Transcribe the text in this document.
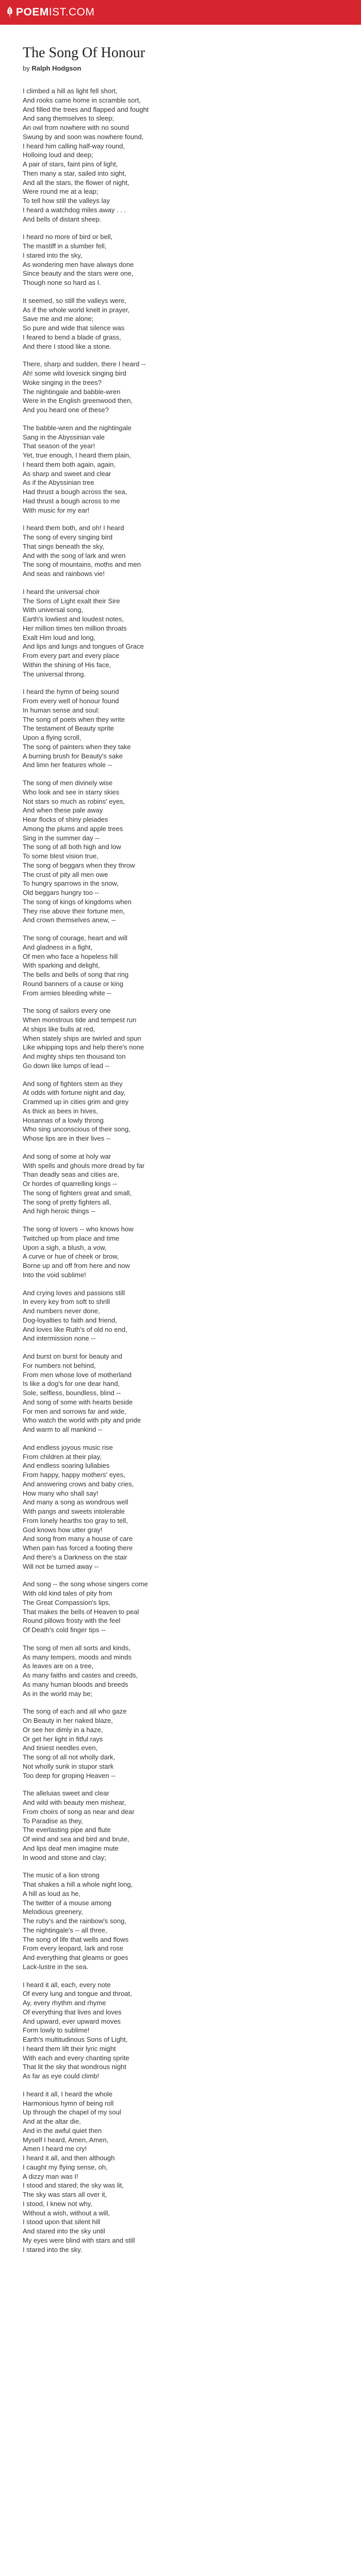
POEM IST.COM
The Song Of Honour
by Ralph Hodgson
I climbed a hill as light fell short,
And rooks came home in scramble sort,
And filled the trees and flapped and fought
And sang themselves to sleep;
An owl from nowhere with no sound
Swung by and soon was nowhere found,
I heard him calling half-way round,
Holloing loud and deep;
A pair of stars, faint pins of light,
Then many a star, sailed into sight,
And all the stars, the flower of night,
Were round me at a leap;
To tell how still the valleys lay
I heard a watchdog miles away . . .
And bells of distant sheep.
I heard no more of bird or bell,
The mastiff in a slumber fell,
I stared into the sky,
As wondering men have always done
Since beauty and the stars were one,
Though none so hard as I.
It seemed, so still the valleys were,
As if the whole world knelt in prayer,
Save me and me alone;
So pure and wide that silence was
I feared to bend a blade of grass,
And there I stood like a stone.
There, sharp and sudden, there I heard --
Ah! some wild lovesick singing bird
Woke singing in the trees?
The nightingale and babble-wren
Were in the English greenwood then,
And you heard one of these?
The babble-wren and the nightingale
Sang in the Abyssinian vale
That season of the year!
Yet, true enough, I heard them plain,
I heard them both again, again,
As sharp and sweet and clear
As if the Abyssinian tree
Had thrust a bough across the sea,
Had thrust a bough across to me
With music for my ear!
I heard them both, and oh! I heard
The song of every singing bird
That sings beneath the sky,
And with the song of lark and wren
The song of mountains, moths and men
And seas and rainbows vie!
I heard the universal choir
The Sons of Light exalt their Sire
With universal song,
Earth's lowliest and loudest notes,
Her million times ten million throats
Exalt Him loud and long,
And lips and lungs and tongues of Grace
From every part and every place
Within the shining of His face,
The universal throng.
I heard the hymn of being sound
From every well of honour found
In human sense and soul:
The song of poets when they write
The testament of Beauty sprite
Upon a flying scroll,
The song of painters when they take
A burning brush for Beauty's sake
And limn her features whole --
The song of men divinely wise
Who look and see in starry skies
Not stars so much as robins' eyes,
And when these pale away
Hear flocks of shiny pleiades
Among the plums and apple trees
Sing in the summer day --
The song of all both high and low
To some blest vision true,
The song of beggars when they throw
The crust of pity all men owe
To hungry sparrows in the snow,
Old beggars hungry too --
The song of kings of kingdoms when
They rise above their fortune men,
And crown themselves anew, --
The song of courage, heart and will
And gladness in a fight,
Of men who face a hopeless hill
With sparking and delight,
The bells and bells of song that ring
Round banners of a cause or king
From armies bleeding white --
The song of sailors every one
When monstrous tide and tempest run
At ships like bulls at red,
When stately ships are twirled and spun
Like whipping tops and help there's none
And mighty ships ten thousand ton
Go down like lumps of lead --
And song of fighters stern as they
At odds with fortune night and day,
Crammed up in cities grim and grey
As thick as bees in hives,
Hosannas of a lowly throng
Who sing unconscious of their song,
Whose lips are in their lives --
And song of some at holy war
With spells and ghouls more dread by far
Than deadly seas and cities are,
Or hordes of quarrelling kings --
The song of fighters great and small,
The song of pretty fighters all,
And high heroic things --
The song of lovers -- who knows how
Twitched up from place and time
Upon a sigh, a blush, a vow,
A curve or hue of cheek or brow,
Borne up and off from here and now
Into the void sublime!
And crying loves and passions still
In every key from soft to shrill
And numbers never done,
Dog-loyalties to faith and friend,
And loves like Ruth's of old no end,
And intermission none --
And burst on burst for beauty and
For numbers not behind,
From men whose love of motherland
Is like a dog's for one dear hand,
Sole, selfless, boundless, blind --
And song of some with hearts beside
For men and sorrows far and wide,
Who watch the world with pity and pride
And warm to all mankind --
And endless joyous music rise
From children at their play,
And endless soaring lullabies
From happy, happy mothers' eyes,
And answering crows and baby cries,
How many who shall say!
And many a song as wondrous well
With pangs and sweets intolerable
From lonely hearths too gray to tell,
God knows how utter gray!
And song from many a house of care
When pain has forced a footing there
And there's a Darkness on the stair
Will not be turned away --
And song -- the song whose singers come
With old kind tales of pity from
The Great Compassion's lips,
That makes the bells of Heaven to peal
Round pillows frosty with the feel
Of Death's cold finger tips --
The song of men all sorts and kinds,
As many tempers, moods and minds
As leaves are on a tree,
As many faiths and castes and creeds,
As many human bloods and breeds
As in the world may be;
The song of each and all who gaze
On Beauty in her naked blaze,
Or see her dimly in a haze,
Or get her light in fitful rays
And tiniest needles even,
The song of all not wholly dark,
Not wholly sunk in stupor stark
Too deep for groping Heaven --
The alleluias sweet and clear
And wild with beauty men mishear,
From choirs of song as near and dear
To Paradise as they,
The everlasting pipe and flute
Of wind and sea and bird and brute,
And lips deaf men imagine mute
In wood and stone and clay;
The music of a lion strong
That shakes a hill a whole night long,
A hill as loud as he,
The twitter of a mouse among
Melodious greenery,
The ruby's and the rainbow's song,
The nightingale's -- all three,
The song of life that wells and flows
From every leopard, lark and rose
And everything that gleams or goes
Lack-lustre in the sea.
I heard it all, each, every note
Of every lung and tongue and throat,
Ay, every rhythm and rhyme
Of everything that lives and loves
And upward, ever upward moves
Form lowly to sublime!
Earth's multitudinous Sons of Light,
I heard them lift their lyric might
With each and every chanting sprite
That lit the sky that wondrous night
As far as eye could climb!
I heard it all, I heard the whole
Harmonious hymn of being roll
Up through the chapel of my soul
And at the altar die,
And in the awful quiet then
Myself I heard, Amen, Amen,
Amen I heard me cry!
I heard it all, and then although
I caught my flying sense, oh,
A dizzy man was I!
I stood and stared; the sky was lit,
The sky was stars all over it,
I stood, I knew not why,
Without a wish, without a will,
I stood upon that silent hill
And stared into the sky until
My eyes were blind with stars and still
I stared into the sky.
